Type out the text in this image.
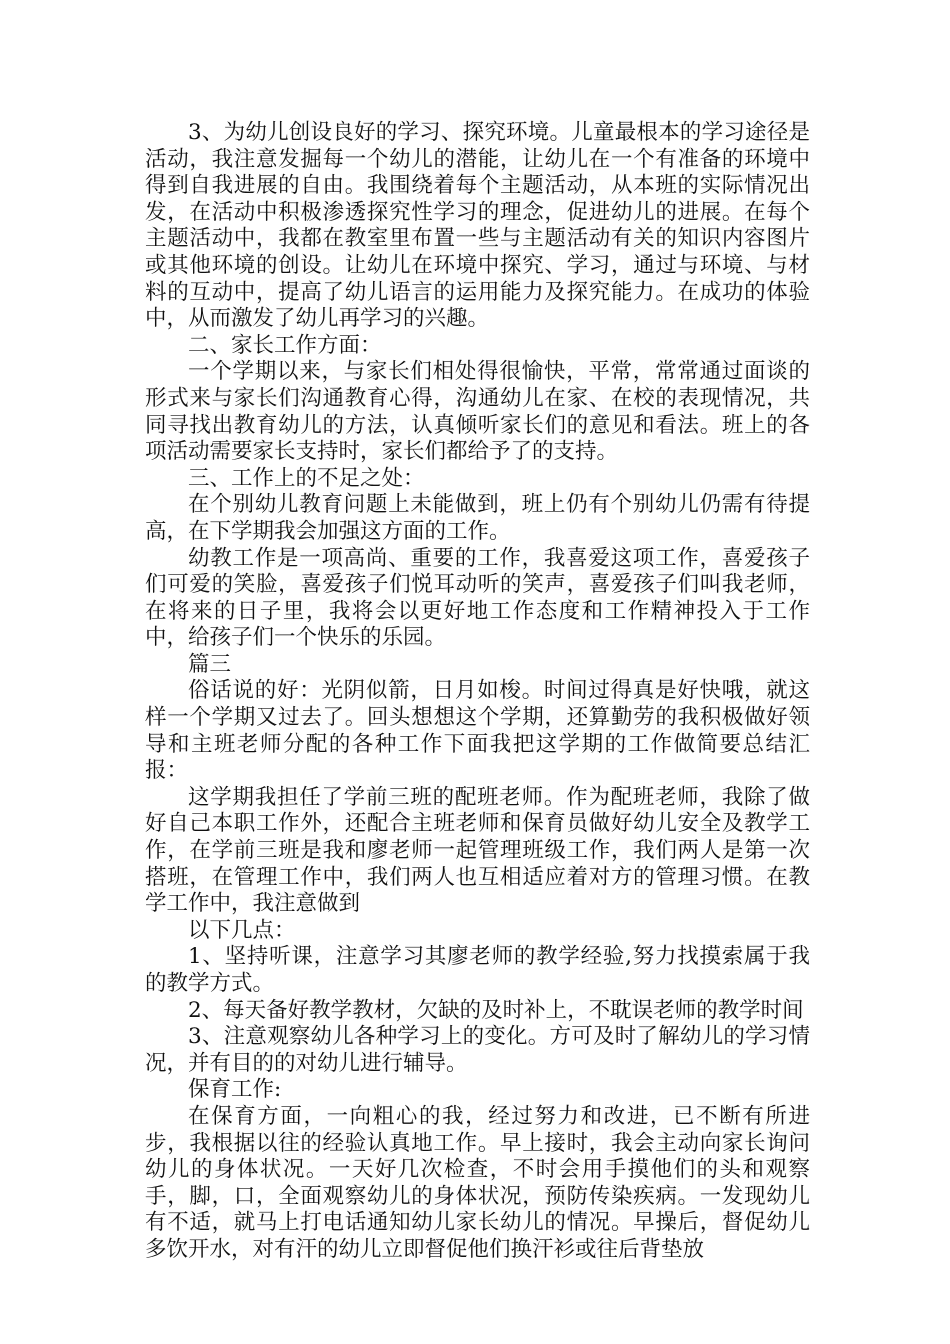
3、为幼儿创设良好的学习、探究环境。儿童最根本的学习途径是活动，我注意发掘每一个幼儿的潜能，让幼儿在一个有准备的环境中得到自我进展的自由。我围绕着每个主题活动，从本班的实际情况出发，在活动中积极渗透探究性学习的理念，促进幼儿的进展。在每个主题活动中，我都在教室里布置一些与主题活动有关的知识内容图片或其他环境的创设。让幼儿在环境中探究、学习，通过与环境、与材料的互动中，提高了幼儿语言的运用能力及探究能力。在成功的体验中，从而激发了幼儿再学习的兴趣。

二、家长工作方面：

一个学期以来，与家长们相处得很愉快，平常，常常通过面谈的形式来与家长们沟通教育心得，沟通幼儿在家、在校的表现情况，共同寻找出教育幼儿的方法，认真倾听家长们的意见和看法。班上的各项活动需要家长支持时，家长们都给予了的支持。

三、工作上的不足之处：

在个别幼儿教育问题上未能做到，班上仍有个别幼儿仍需有待提高，在下学期我会加强这方面的工作。

幼教工作是一项高尚、重要的工作，我喜爱这项工作，喜爱孩子们可爱的笑脸，喜爱孩子们悦耳动听的笑声，喜爱孩子们叫我老师，在将来的日子里，我将会以更好地工作态度和工作精神投入于工作中，给孩子们一个快乐的乐园。

篇三

俗话说的好：光阴似箭，日月如梭。时间过得真是好快哦，就这样一个学期又过去了。回头想想这个学期，还算勤劳的我积极做好领导和主班老师分配的各种工作下面我把这学期的工作做简要总结汇报：

这学期我担任了学前三班的配班老师。作为配班老师，我除了做好自己本职工作外，还配合主班老师和保育员做好幼儿安全及教学工作，在学前三班是我和廖老师一起管理班级工作，我们两人是第一次搭班，在管理工作中，我们两人也互相适应着对方的管理习惯。在教学工作中，我注意做到

以下几点：

1、坚持听课，注意学习其廖老师的教学经验,努力找摸索属于我的教学方式。

2、每天备好教学教材，欠缺的及时补上，不耽误老师的教学时间

3、注意观察幼儿各种学习上的变化。方可及时了解幼儿的学习情况，并有目的的对幼儿进行辅导。

保育工作:

在保育方面，一向粗心的我，经过努力和改进，已不断有所进步，我根据以往的经验认真地工作。早上接时，我会主动向家长询问幼儿的身体状况。一天好几次检查，不时会用手摸他们的头和观察手，脚，口，全面观察幼儿的身体状况，预防传染疾病。一发现幼儿有不适，就马上打电话通知幼儿家长幼儿的情况。早操后，督促幼儿多饮开水，对有汗的幼儿立即督促他们换汗衫或往后背垫放
